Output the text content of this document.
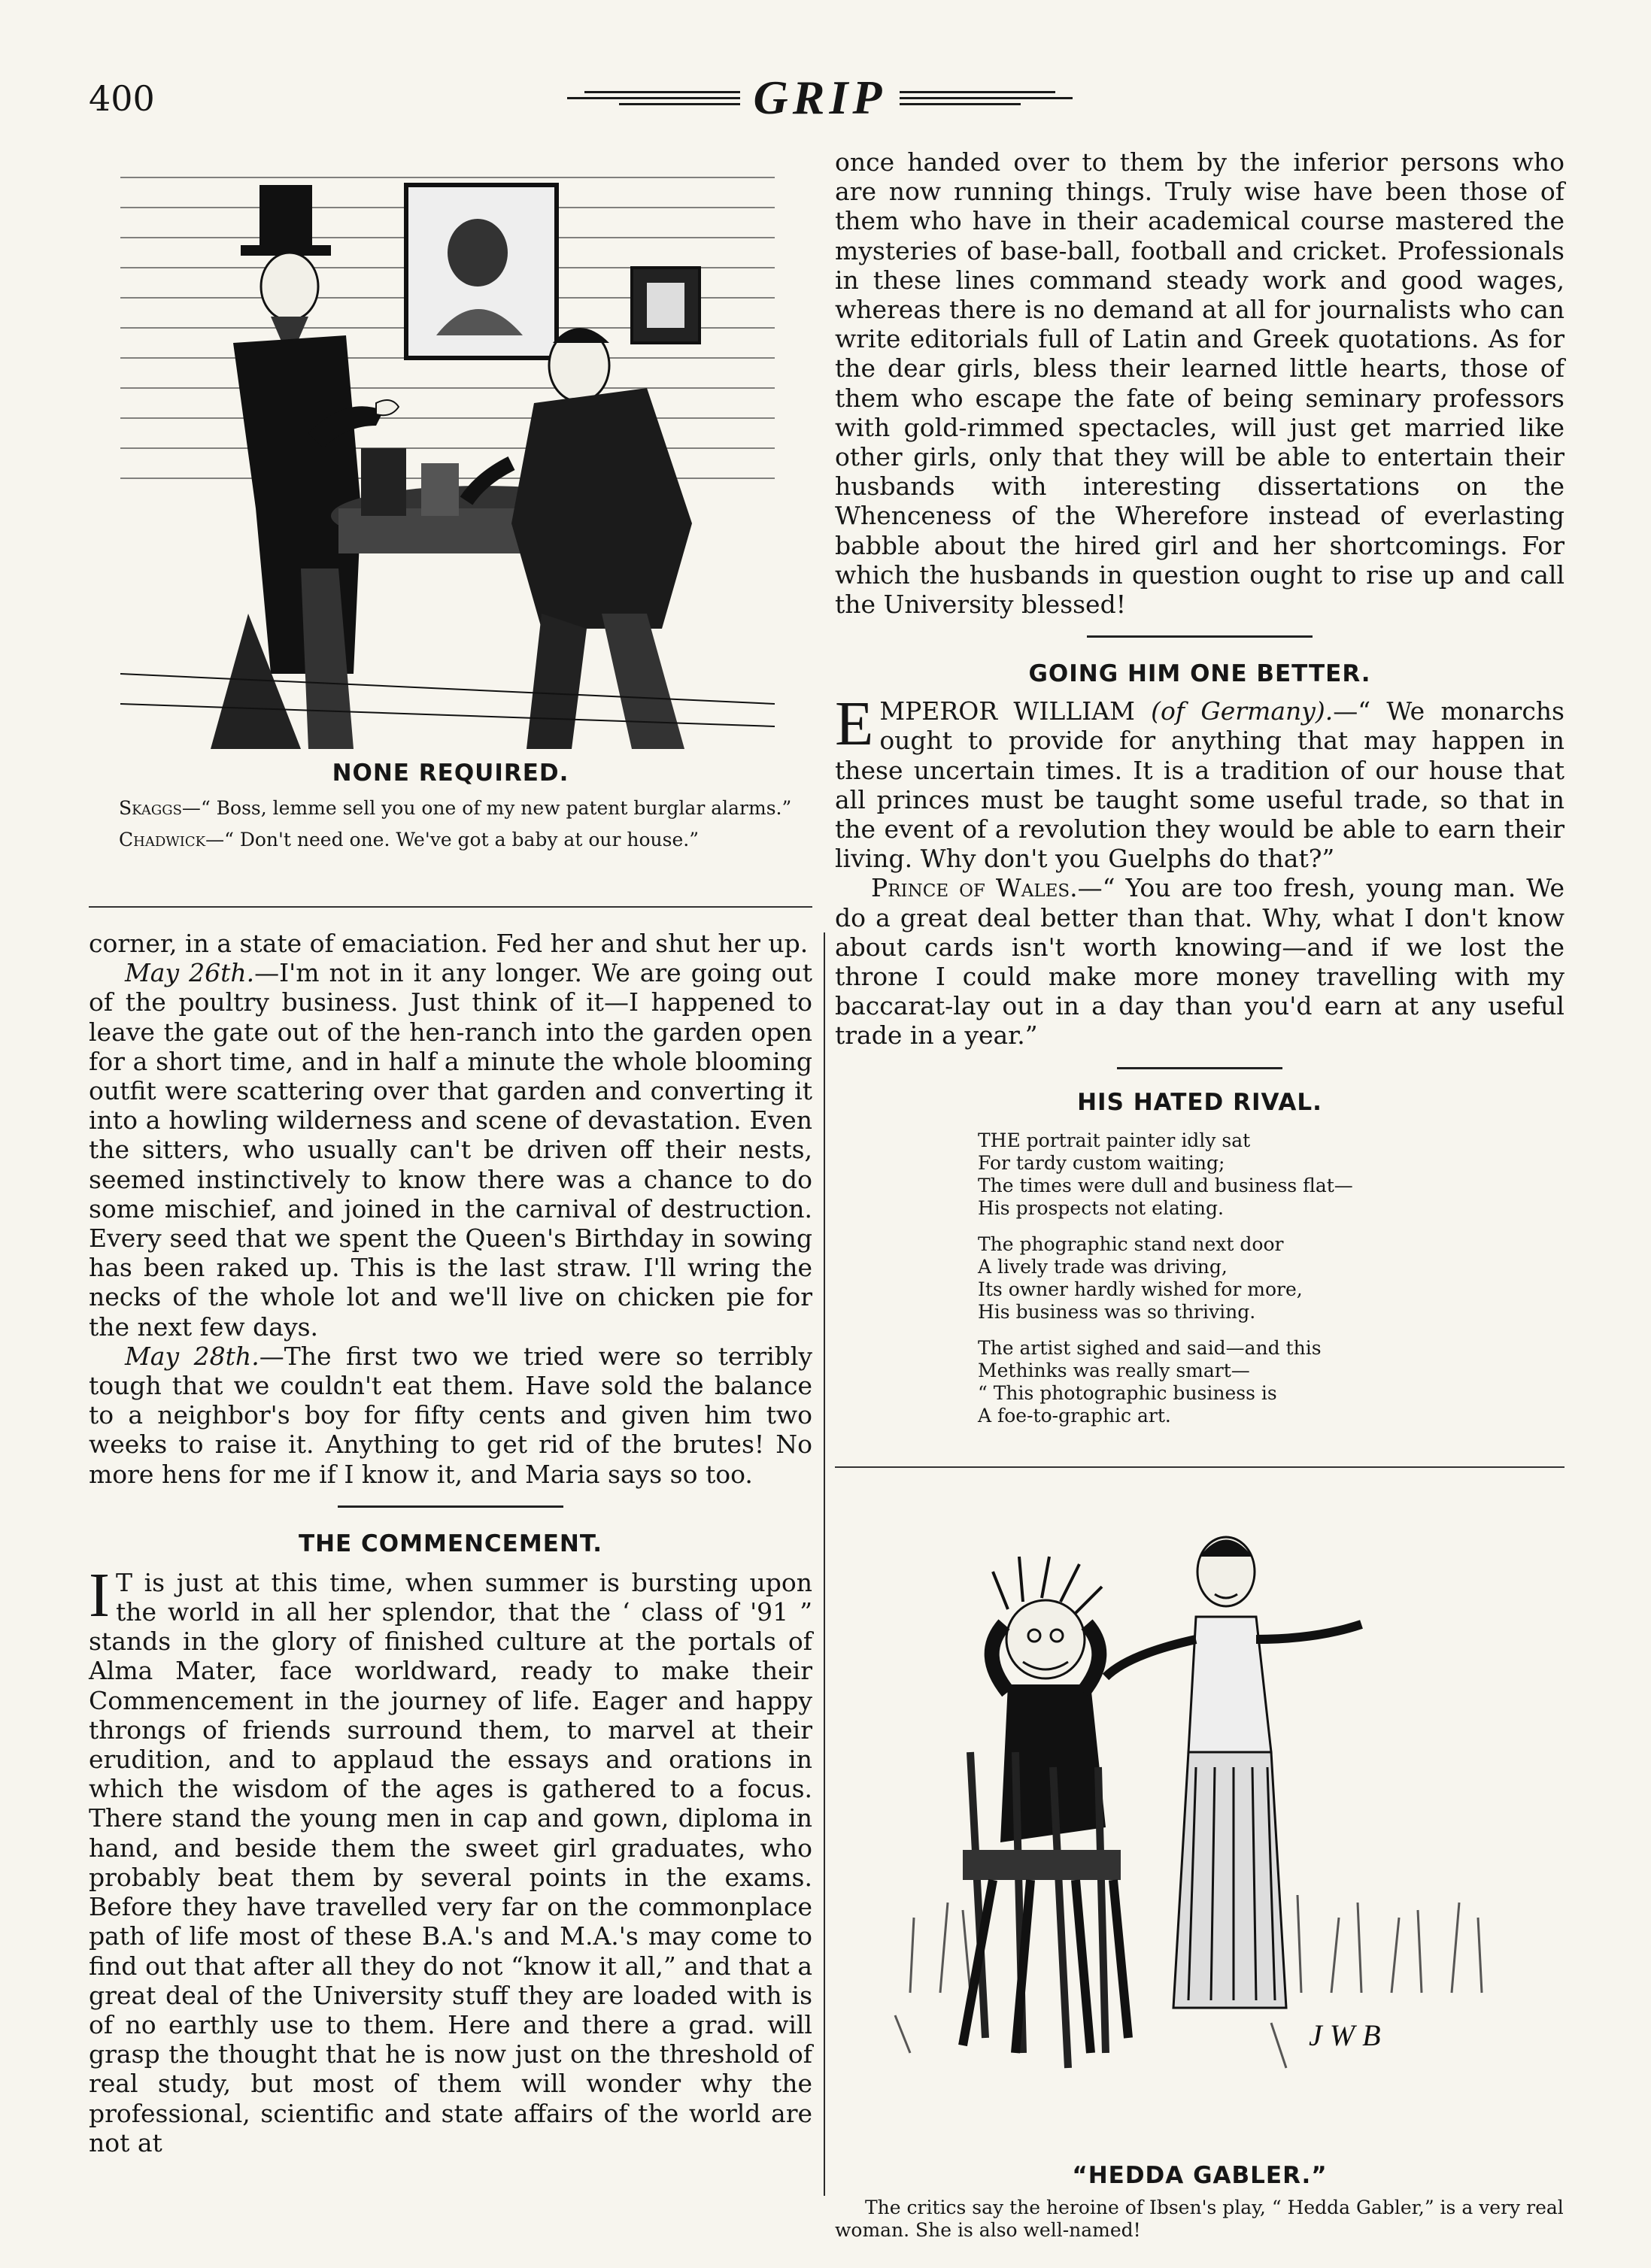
400	GRIP

NONE REQUIRED.

Skaggs—“ Boss, lemme sell you one of my new patent burglar alarms.”

Chadwick—“ Don't need one. We've got a baby at our house.”

corner, in a state of emaciation. Fed her and shut her up.

May 26th.—I'm not in it any longer. We are going out of the poultry business. Just think of it—I happened to leave the gate out of the hen-ranch into the garden open for a short time, and in half a minute the whole blooming outfit were scattering over that garden and converting it into a howling wilderness and scene of devastation. Even the sitters, who usually can't be driven off their nests, seemed instinctively to know there was a chance to do some mischief, and joined in the carnival of destruction. Every seed that we spent the Queen's Birthday in sowing has been raked up. This is the last straw. I'll wring the necks of the whole lot and we'll live on chicken pie for the next few days.

May 28th.—The first two we tried were so terribly tough that we couldn't eat them. Have sold the balance to a neighbor's boy for fifty cents and given him two weeks to raise it. Anything to get rid of the brutes! No more hens for me if I know it, and Maria says so too.

THE COMMENCEMENT.

I T is just at this time, when summer is bursting upon the world in all her splendor, that the ‘ class of '91 ” stands in the glory of finished culture at the portals of Alma Mater, face worldward, ready to make their Commencement in the journey of life. Eager and happy throngs of friends surround them, to marvel at their erudition, and to applaud the essays and orations in which the wisdom of the ages is gathered to a focus. There stand the young men in cap and gown, diploma in hand, and beside them the sweet girl graduates, who probably beat them by several points in the exams. Before they have travelled very far on the commonplace path of life most of these B.A.'s and M.A.'s may come to find out that after all they do not “know it all,” and that a great deal of the University stuff they are loaded with is of no earthly use to them. Here and there a grad. will grasp the thought that he is now just on the threshold of real study, but most of them will wonder why the professional, scientific and state affairs of the world are not at

once handed over to them by the inferior persons who are now running things. Truly wise have been those of them who have in their academical course mastered the mysteries of base-ball, football and cricket. Professionals in these lines command steady work and good wages, whereas there is no demand at all for journalists who can write editorials full of Latin and Greek quotations. As for the dear girls, bless their learned little hearts, those of them who escape the fate of being seminary professors with gold-rimmed spectacles, will just get married like other girls, only that they will be able to entertain their husbands with interesting dissertations on the Whenceness of the Wherefore instead of everlasting babble about the hired girl and her shortcomings. For which the husbands in question ought to rise up and call the University blessed!

GOING HIM ONE BETTER.

EMPEROR WILLIAM (of Germany).—“ We monarchs ought to provide for anything that may happen in these uncertain times. It is a tradition of our house that all princes must be taught some useful trade, so that in the event of a revolution they would be able to earn their living. Why don't you Guelphs do that?”

Prince of Wales.—“ You are too fresh, young man. We do a great deal better than that. Why, what I don't know about cards isn't worth knowing—and if we lost the throne I could make more money travelling with my baccarat-lay out in a day than you'd earn at any useful trade in a year.”

HIS HATED RIVAL.

THE portrait painter idly sat

For tardy custom waiting;

The times were dull and business flat—

His prospects not elating.

The phographic stand next door

A lively trade was driving,

Its owner hardly wished for more,

His business was so thriving.

The artist sighed and said—and this

Methinks was really smart—

“ This photographic business is

A foe-to-graphic art.

J W B

“HEDDA GABLER.”

The critics say the heroine of Ibsen's play, “ Hedda Gabler,” is a very real woman. She is also well-named!
